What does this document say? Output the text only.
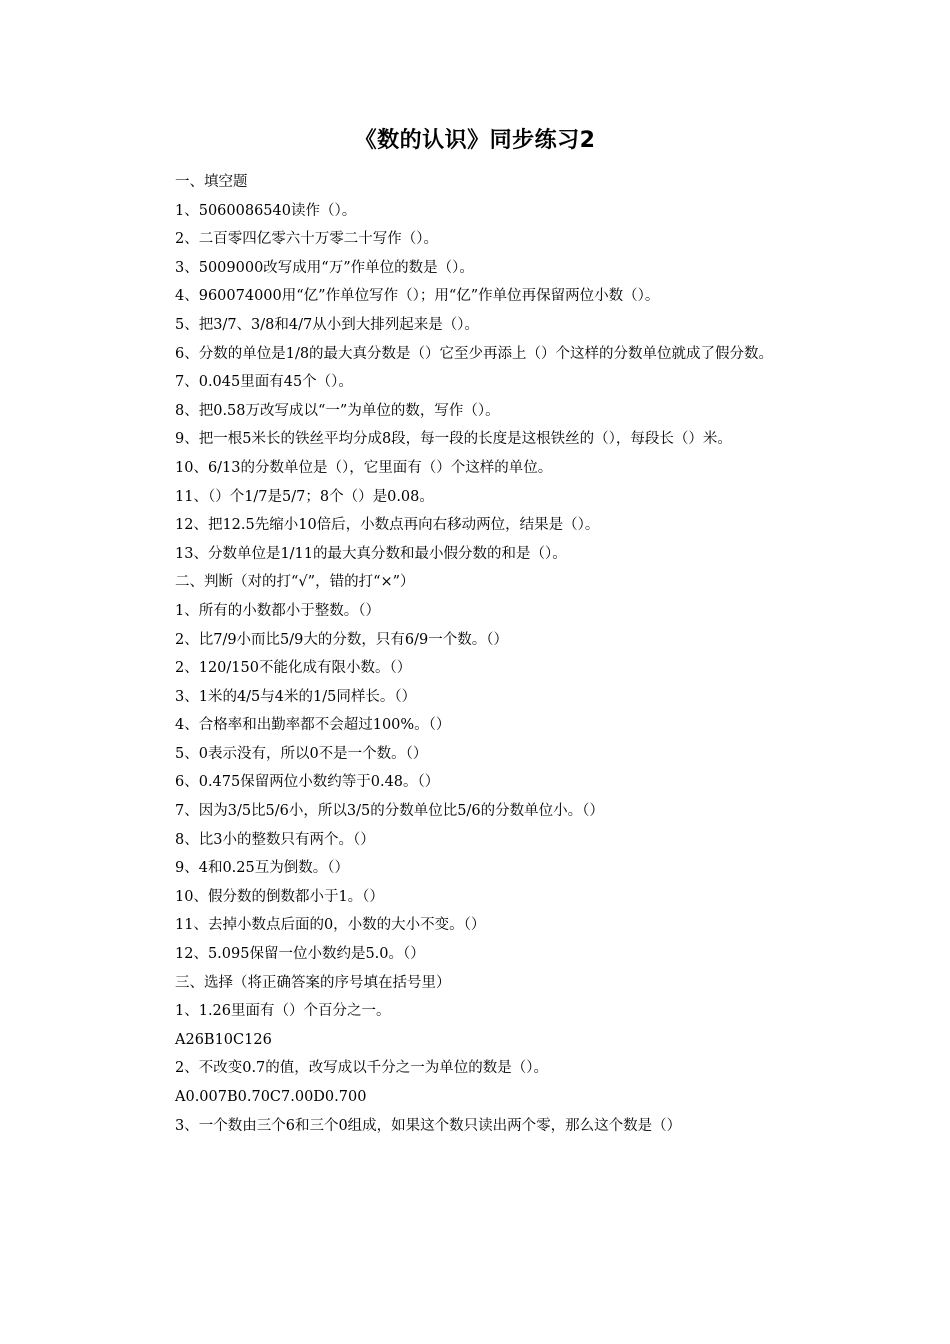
《数的认识》同步练习2
一、填空题
1、5060086540读作（）。
2、二百零四亿零六十万零二十写作（）。
3、5009000改写成用“万”作单位的数是（）。
4、960074000用“亿”作单位写作（）；用“亿”作单位再保留两位小数（）。
5、把3/7、3/8和4/7从小到大排列起来是（）。
6、分数的单位是1/8的最大真分数是（）它至少再添上（）个这样的分数单位就成了假分数。
7、0.045里面有45个（）。
8、把0.58万改写成以“一”为单位的数，写作（）。
9、把一根5米长的铁丝平均分成8段，每一段的长度是这根铁丝的（），每段长（）米。
10、6/13的分数单位是（），它里面有（）个这样的单位。
11、（）个1/7是5/7；8个（）是0.08。
12、把12.5先缩小10倍后，小数点再向右移动两位，结果是（）。
13、分数单位是1/11的最大真分数和最小假分数的和是（）。
二、判断（对的打“√”，错的打“×”）
1、所有的小数都小于整数。（）
2、比7/9小而比5/9大的分数，只有6/9一个数。（）
2、120/150不能化成有限小数。（）
3、1米的4/5与4米的1/5同样长。（）
4、合格率和出勤率都不会超过100%。（）
5、0表示没有，所以0不是一个数。（）
6、0.475保留两位小数约等于0.48。（）
7、因为3/5比5/6小，所以3/5的分数单位比5/6的分数单位小。（）
8、比3小的整数只有两个。（）
9、4和0.25互为倒数。（）
10、假分数的倒数都小于1。（）
11、去掉小数点后面的0，小数的大小不变。（）
12、5.095保留一位小数约是5.0。（）
三、选择（将正确答案的序号填在括号里）
1、1.26里面有（）个百分之一。
A26B10C126
2、不改变0.7的值，改写成以千分之一为单位的数是（）。
A0.007B0.70C7.00D0.700
3、一个数由三个6和三个0组成，如果这个数只读出两个零，那么这个数是（）
